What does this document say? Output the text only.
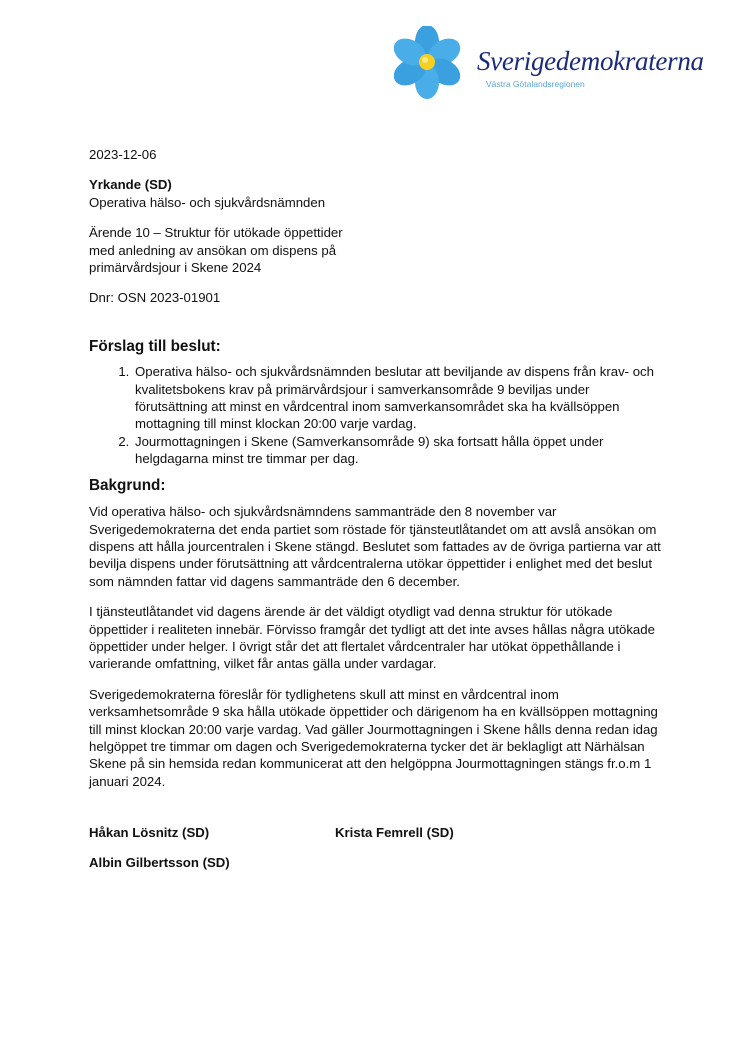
Sverigedemokraterna
Västra Götalandsregionen

2023-12-06

Yrkande (SD)

Operativa hälso- och sjukvårdsnämnden

Ärende 10 – Struktur för utökade öppettider

med anledning av ansökan om dispens på

primärvårdsjour i Skene 2024

Dnr: OSN 2023-01901

Förslag till beslut:
1. Operativa hälso- och sjukvårdsnämnden beslutar att beviljande av dispens från krav- och kvalitetsbokens krav på primärvårdsjour i samverkansområde 9 beviljas under förutsättning att minst en vårdcentral inom samverkansområdet ska ha kvällsöppen mottagning till minst klockan 20:00 varje vardag.
2. Jourmottagningen i Skene (Samverkansområde 9) ska fortsatt hålla öppet under helgdagarna minst tre timmar per dag.
Bakgrund:

Vid operativa hälso- och sjukvårdsnämndens sammanträde den 8 november var Sverigedemokraterna det enda partiet som röstade för tjänsteutlåtandet om att avslå ansökan om dispens att hålla jourcentralen i Skene stängd. Beslutet som fattades av de övriga partierna var att bevilja dispens under förutsättning att vårdcentralerna utökar öppettider i enlighet med det beslut som nämnden fattar vid dagens sammanträde den 6 december.

I tjänsteutlåtandet vid dagens ärende är det väldigt otydligt vad denna struktur för utökade öppettider i realiteten innebär. Förvisso framgår det tydligt att det inte avses hållas några utökade öppettider under helger. I övrigt står det att flertalet vårdcentraler har utökat öppethållande i varierande omfattning, vilket får antas gälla under vardagar.

Sverigedemokraterna föreslår för tydlighetens skull att minst en vårdcentral inom verksamhetsområde 9 ska hålla utökade öppettider och därigenom ha en kvällsöppen mottagning till minst klockan 20:00 varje vardag. Vad gäller Jourmottagningen i Skene hålls denna redan idag helgöppet tre timmar om dagen och Sverigedemokraterna tycker det är beklagligt att Närhälsan Skene på sin hemsida redan kommunicerat att den helgöppna Jourmottagningen stängs fr.o.m 1 januari 2024.

Håkan Lösnitz (SD)	Krista Femrell (SD)

Albin Gilbertsson (SD)
